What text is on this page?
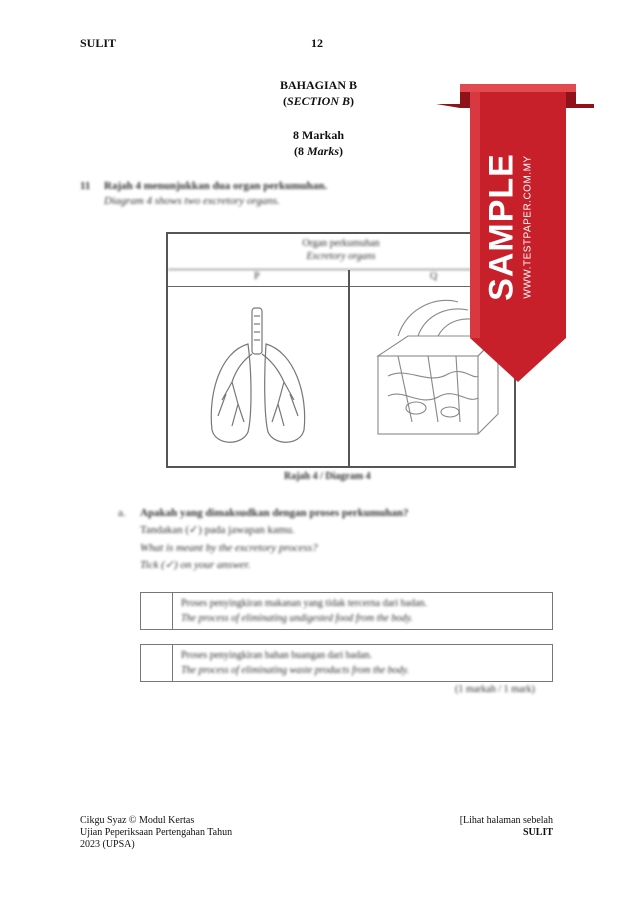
SULIT	12
BAHAGIAN B
(SECTION B)
8 Markah
(8 Marks)
11 Rajah 4 menunjukkan dua organ perkumuhan.
Diagram 4 shows two excretory organs.
Organ perkumuhan
Excretory organs
P	Q
Rajah 4 / Diagram 4
a. Apakah yang dimaksudkan dengan proses perkumuhan?
Tandakan (✓) pada jawapan kamu.
What is meant by the excretory process?
Tick (✓) on your answer.
Proses penyingkiran makanan yang tidak tercerna dari badan.
The process of eliminating undigested food from the body.
Proses penyingkiran bahan buangan dari badan.
The process of eliminating waste products from the body.
(1 markah / 1 mark)
SAMPLE WWW.TESTPAPER.COM.MY
Cikgu Syaz © Modul Kertas
Ujian Peperiksaan Pertengahan Tahun
2023 (UPSA)
[Lihat halaman sebelah
SULIT
